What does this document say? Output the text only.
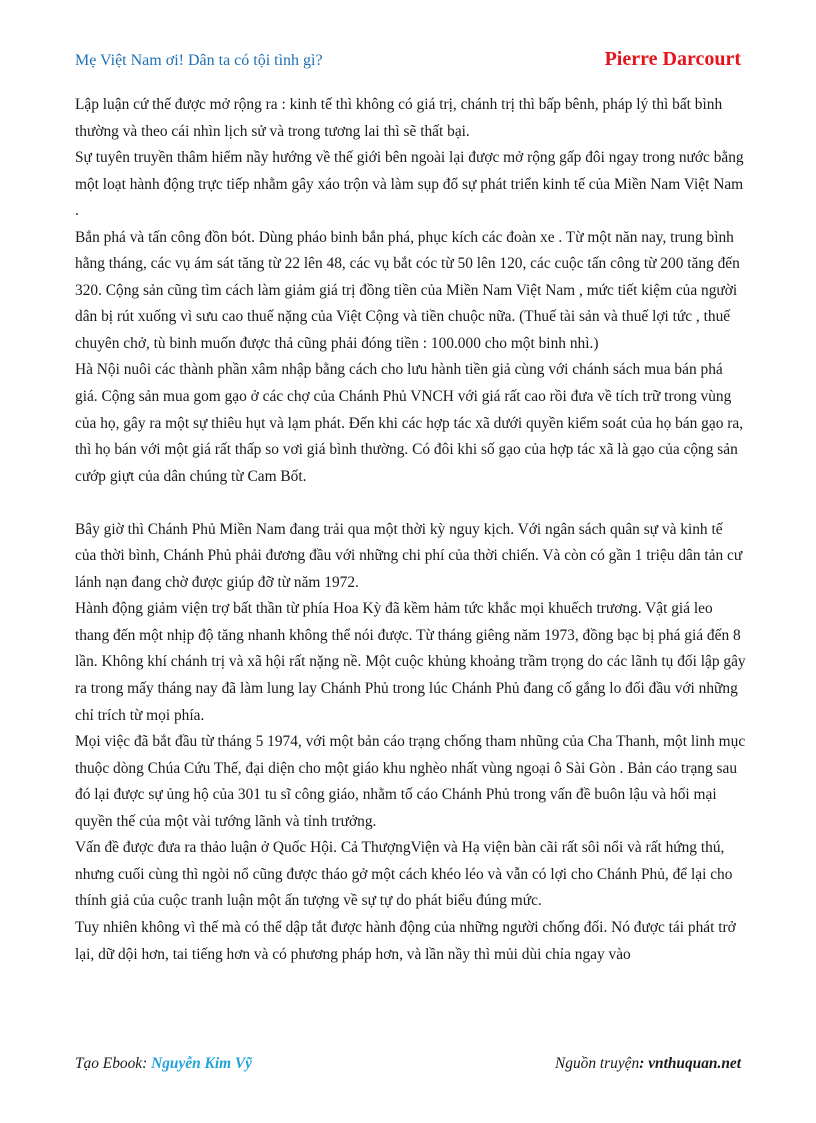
Mẹ Việt Nam ơi! Dân ta có tội tình gì?	Pierre Darcourt

Lập luận cứ thế được mở rộng ra : kinh tế thì không có giá trị, chánh trị thì bấp bênh, pháp lý thì bất bình thường và theo cái nhìn lịch sử và trong tương lai thì sẽ thất bại.

Sự tuyên truyền thâm hiểm nầy hướng về thế giới bên ngoài lại được mở rộng gấp đôi ngay trong nước bằng một loạt hành động trực tiếp nhằm gây xáo trộn và làm sụp đổ sự phát triển kinh tế của Miền Nam Việt Nam .

Bắn phá và tấn công đồn bót. Dùng pháo binh bắn phá, phục kích các đoàn xe . Từ một năn nay, trung bình hằng tháng, các vụ ám sát tăng từ 22 lên 48, các vụ bắt cóc từ 50 lên 120, các cuộc tấn công từ 200 tăng đến 320. Cộng sản cũng tìm cách làm giảm giá trị đồng tiền của Miền Nam Việt Nam , mức tiết kiệm của người dân bị rút xuống vì sưu cao thuế nặng của Việt Cộng và tiền chuộc nữa. (Thuế tài sản và thuế lợi tức , thuế chuyên chở, tù binh muốn được thả cũng phải đóng tiền : 100.000 cho một binh nhì.)

Hà Nội nuôi các thành phần xâm nhập bằng cách cho lưu hành tiền giả cùng với chánh sách mua bán phá giá. Cộng sản mua gom gạo ở các chợ của Chánh Phủ VNCH với giá rất cao rồi đưa về tích trữ trong vùng của họ, gây ra một sự thiêu hụt và lạm phát. Đến khi các hợp tác xã dưới quyền kiểm soát của họ bán gạo ra, thì họ bán với một giá rất thấp so vơi giá bình thường. Có đôi khi số gạo của hợp tác xã là gạo của cộng sản cướp giựt của dân chúng từ Cam Bốt.

Bây giờ thì Chánh Phủ Miền Nam đang trải qua một thời kỳ nguy kịch. Với ngân sách quân sự và kinh tế của thời bình, Chánh Phủ phải đương đầu với những chi phí của thời chiến. Và còn có gần 1 triệu dân tản cư lánh nạn đang chờ được giúp đỡ từ năm 1972.

Hành động giảm viện trợ bất thần từ phía Hoa Kỳ đã kềm hảm tức khắc mọi khuếch trương. Vật giá leo thang đến một nhịp độ tăng nhanh không thể nói được. Từ tháng giêng năm 1973, đồng bạc bị phá giá đến 8 lần. Không khí chánh trị và xã hội rất nặng nề. Một cuộc khủng khoảng trầm trọng do các lãnh tụ đối lập gây ra trong mấy tháng nay đã làm lung lay Chánh Phủ trong lúc Chánh Phủ đang cố gắng lo đối đầu với những chỉ trích từ mọi phía.

Mọi việc đã bắt đầu từ tháng 5 1974, với một bản cáo trạng chống tham nhũng của Cha Thanh, một linh mục thuộc dòng Chúa Cứu Thế, đại diện cho một giáo khu nghèo nhất vùng ngoại ô Sài Gòn . Bản cáo trạng sau đó lại được sự ủng hộ của 301 tu sĩ công giáo, nhằm tố cáo Chánh Phủ trong vấn đề buôn lậu và hối mại quyền thế của một vài tướng lãnh và tỉnh trưởng.

Vấn đề được đưa ra thảo luận ở Quốc Hội. Cả ThượngViện và Hạ viện bàn cãi rất sôi nổi và rất hứng thú, nhưng cuối cùng thì ngòi nổ cũng được tháo gở một cách khéo léo và vẫn có lợi cho Chánh Phủ, để lại cho thính giả của cuộc tranh luận một ấn tượng về sự tự do phát biểu đúng mức.

Tuy nhiên không vì thế mà có thể dập tắt được hành động của những người chống đối. Nó được tái phát trở lại, dữ dội hơn, tai tiếng hơn và có phương pháp hơn, và lần nầy thì mủi dùi chỉa ngay vào

Tạo Ebook: Nguyễn Kim Vỹ	Nguồn truyện: vnthuquan.net
